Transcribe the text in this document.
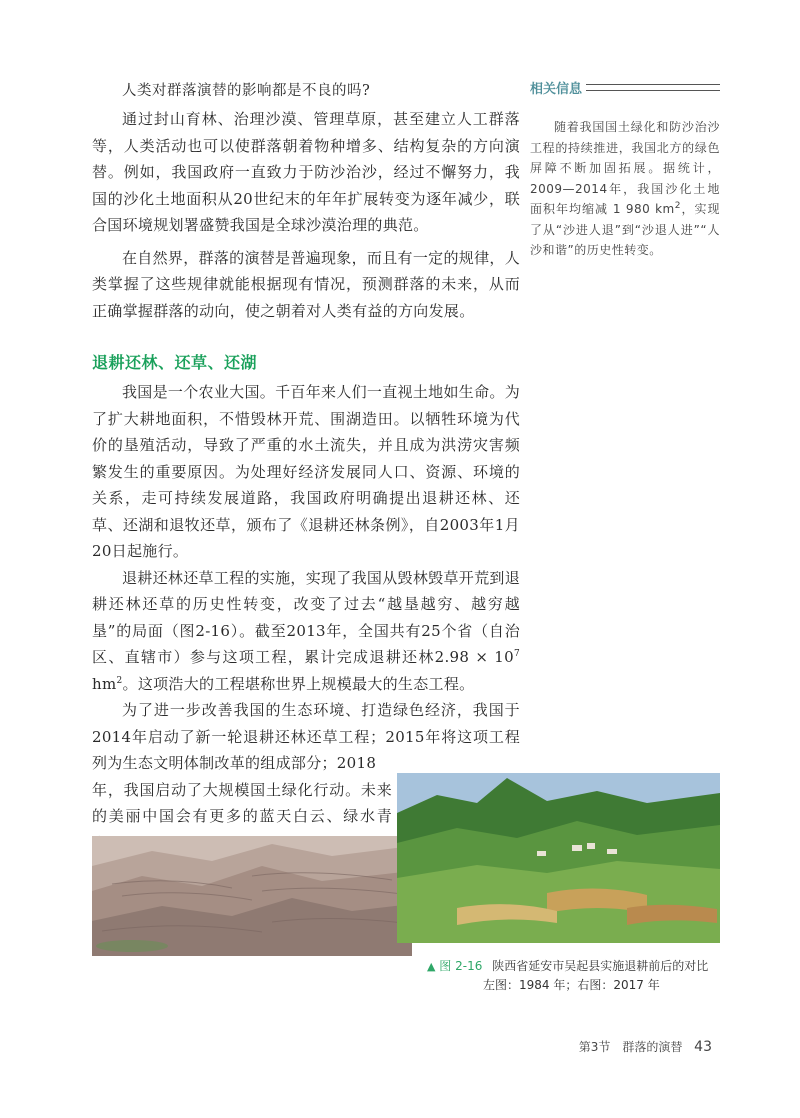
人类对群落演替的影响都是不良的吗?

通过封山育林、治理沙漠、管理草原，甚至建立人工群落等，人类活动也可以使群落朝着物种增多、结构复杂的方向演替。例如，我国政府一直致力于防沙治沙，经过不懈努力，我国的沙化土地面积从20世纪末的年年扩展转变为逐年减少，联合国环境规划署盛赞我国是全球沙漠治理的典范。

在自然界，群落的演替是普遍现象，而且有一定的规律，人类掌握了这些规律就能根据现有情况，预测群落的未来，从而正确掌握群落的动向，使之朝着对人类有益的方向发展。

退耕还林、还草、还湖

我国是一个农业大国。千百年来人们一直视土地如生命。为了扩大耕地面积，不惜毁林开荒、围湖造田。以牺牲环境为代价的垦殖活动，导致了严重的水土流失，并且成为洪涝灾害频繁发生的重要原因。为处理好经济发展同人口、资源、环境的关系，走可持续发展道路，我国政府明确提出退耕还林、还草、还湖和退牧还草，颁布了《退耕还林条例》，自2003年1月20日起施行。

退耕还林还草工程的实施，实现了我国从毁林毁草开荒到退耕还林还草的历史性转变，改变了过去“越垦越穷、越穷越垦”的局面（图2-16）。截至2013年，全国共有25个省（自治区、直辖市）参与这项工程，累计完成退耕还林$2.98 \times 10^7$ $hm^2$。这项浩大的工程堪称世界上规模最大的生态工程。

为了进一步改善我国的生态环境、打造绿色经济，我国于2014年启动了新一轮退耕还林还草工程；2015年将这项工程列为生态文明体制改革的组成部分；2018

年，我国启动了大规模国土绿化行动。未来的美丽中国会有更多的蓝天白云、绿水青

相关信息

随着我国国土绿化和防沙治沙工程的持续推进，我国北方的绿色屏障不断加固拓展。据统计，2009—2014年，我国沙化土地面积年均缩减 1 980 $km^2$，实现了从“沙进人退”到“沙退人进”“人沙和谐”的历史性转变。

▲ 图 2-16 陕西省延安市吴起县实施退耕前后的对比
左图：1984 年；右图：2017 年
第3节　群落的演替 43
